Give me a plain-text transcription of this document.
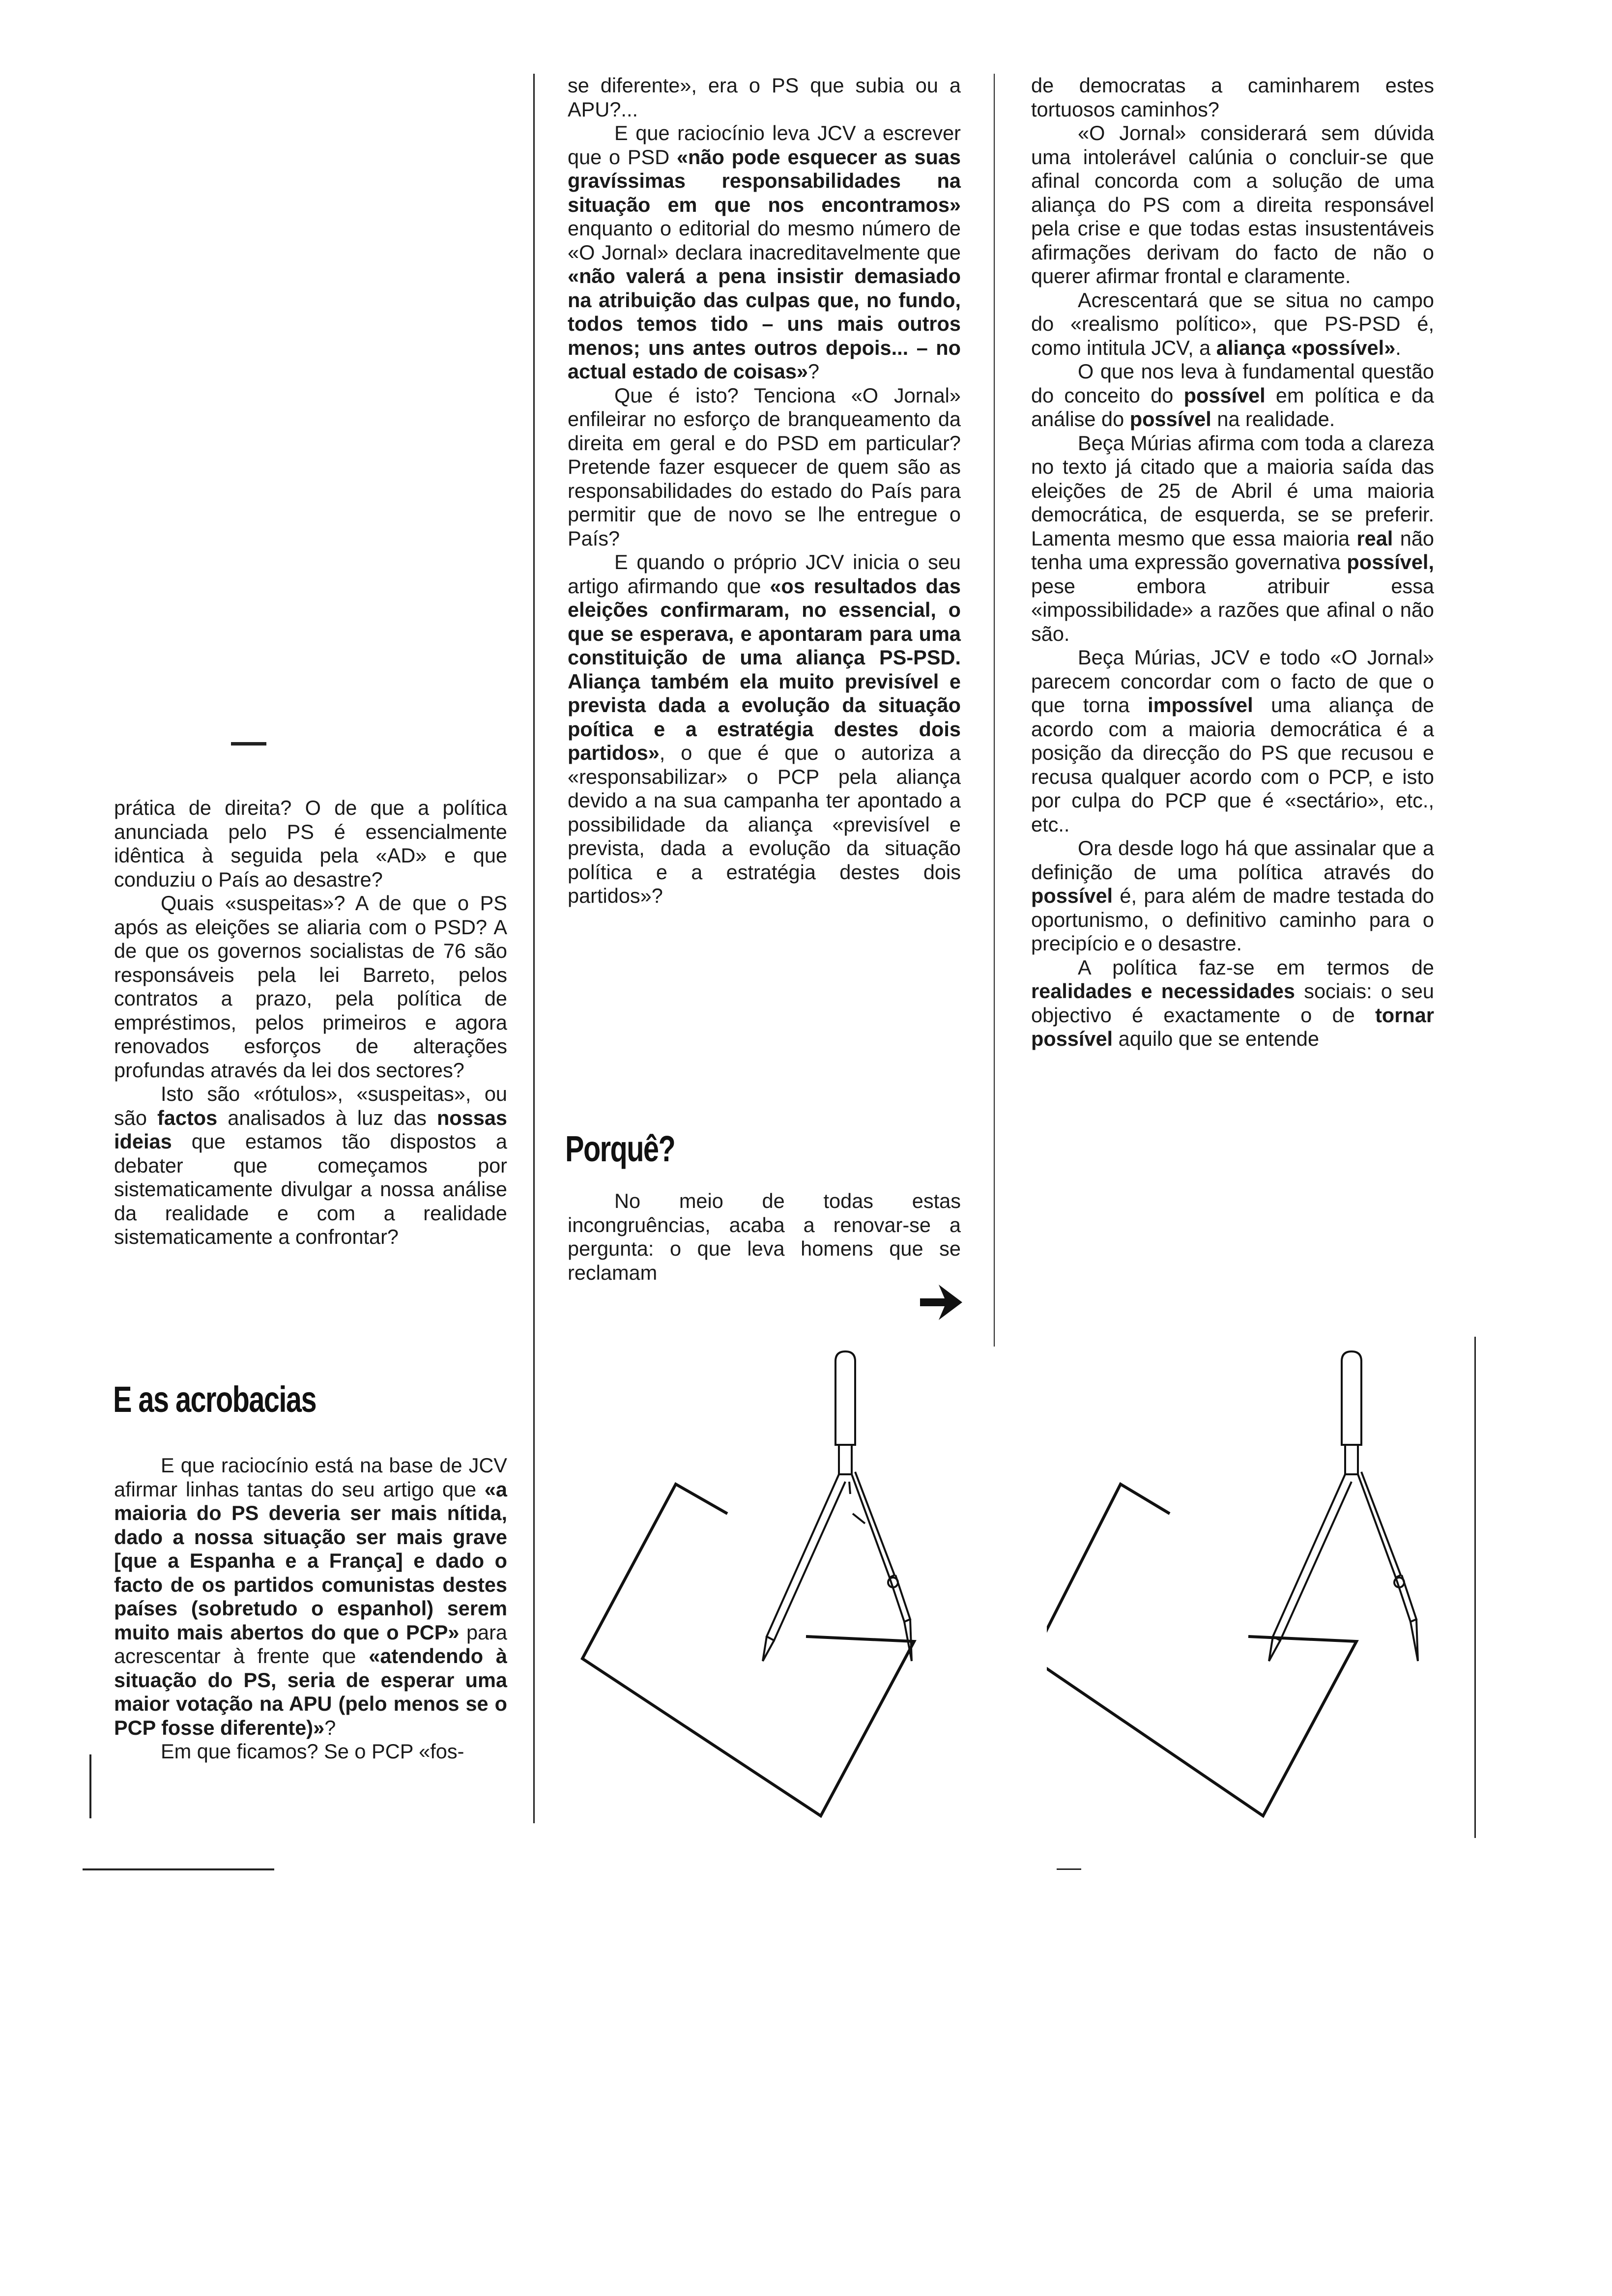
prática de direita? O de que a política anunciada pelo PS é essencialmente idêntica à seguida pela «AD» e que conduziu o País ao desastre?

Quais «suspeitas»? A de que o PS após as eleições se aliaria com o PSD? A de que os governos socialistas de 76 são responsáveis pela lei Barreto, pelos contratos a prazo, pela política de empréstimos, pelos primeiros e agora renovados esforços de alterações profundas através da lei dos sectores?

Isto são «rótulos», «suspeitas», ou são factos analisados à luz das nossas ideias que estamos tão dispostos a debater que começamos por sistematicamente divulgar a nossa análise da realidade e com a realidade sistematicamente a confrontar?

E as acrobacias

E que raciocínio está na base de JCV afirmar linhas tantas do seu artigo que «a maioria do PS deveria ser mais nítida, dado a nossa situação ser mais grave [que a Espanha e a França] e dado o facto de os partidos comunistas destes países (sobretudo o espanhol) serem muito mais abertos do que o PCP» para acrescentar à frente que «atendendo à situação do PS, seria de esperar uma maior votação na APU (pelo menos se o PCP fosse diferente)»?

Em que ficamos? Se o PCP «fos-

se diferente», era o PS que subia ou a APU?...

E que raciocínio leva JCV a escrever que o PSD «não pode esquecer as suas gravíssimas responsabilidades na situação em que nos encontramos» enquanto o editorial do mesmo número de «O Jornal» declara inacreditavelmente que «não valerá a pena insistir demasiado na atribuição das culpas que, no fundo, todos temos tido – uns mais outros menos; uns antes outros depois... – no actual estado de coisas»?

Que é isto? Tenciona «O Jornal» enfileirar no esforço de branqueamento da direita em geral e do PSD em particular? Pretende fazer esquecer de quem são as responsabilidades do estado do País para permitir que de novo se lhe entregue o País?

E quando o próprio JCV inicia o seu artigo afirmando que «os resultados das eleições confirmaram, no essencial, o que se esperava, e apontaram para uma constituição de uma aliança PS-PSD. Aliança também ela muito previsível e prevista dada a evolução da situação poítica e a estratégia destes dois partidos», o que é que o autoriza a «responsabilizar» o PCP pela aliança devido a na sua campanha ter apontado a possibilidade da aliança «previsível e prevista, dada a evolução da situação política e a estratégia destes dois partidos»?

Porquê?

No meio de todas estas incongruências, acaba a renovar-se a pergunta: o que leva homens que se reclamam

de democratas a caminharem estes tortuosos caminhos?

«O Jornal» considerará sem dúvida uma intolerável calúnia o concluir-se que afinal concorda com a solução de uma aliança do PS com a direita responsável pela crise e que todas estas insustentáveis afirmações derivam do facto de não o querer afirmar frontal e claramente.

Acrescentará que se situa no campo do «realismo político», que PS-PSD é, como intitula JCV, a aliança «possível».

O que nos leva à fundamental questão do conceito do possível em política e da análise do possível na realidade.

Beça Múrias afirma com toda a clareza no texto já citado que a maioria saída das eleições de 25 de Abril é uma maioria democrática, de esquerda, se se preferir. Lamenta mesmo que essa maioria real não tenha uma expressão governativa possível, pese embora atribuir essa «impossibilidade» a razões que afinal o não são.

Beça Múrias, JCV e todo «O Jornal» parecem concordar com o facto de que o que torna impossível uma aliança de acordo com a maioria democrática é a posição da direcção do PS que recusou e recusa qualquer acordo com o PCP, e isto por culpa do PCP que é «sectário», etc., etc..

Ora desde logo há que assinalar que a definição de uma política através do possível é, para além de madre testada do oportunismo, o definitivo caminho para o precipício e o desastre.

A política faz-se em termos de realidades e necessidades sociais: o seu objectivo é exactamente o de tornar possível aquilo que se entende
